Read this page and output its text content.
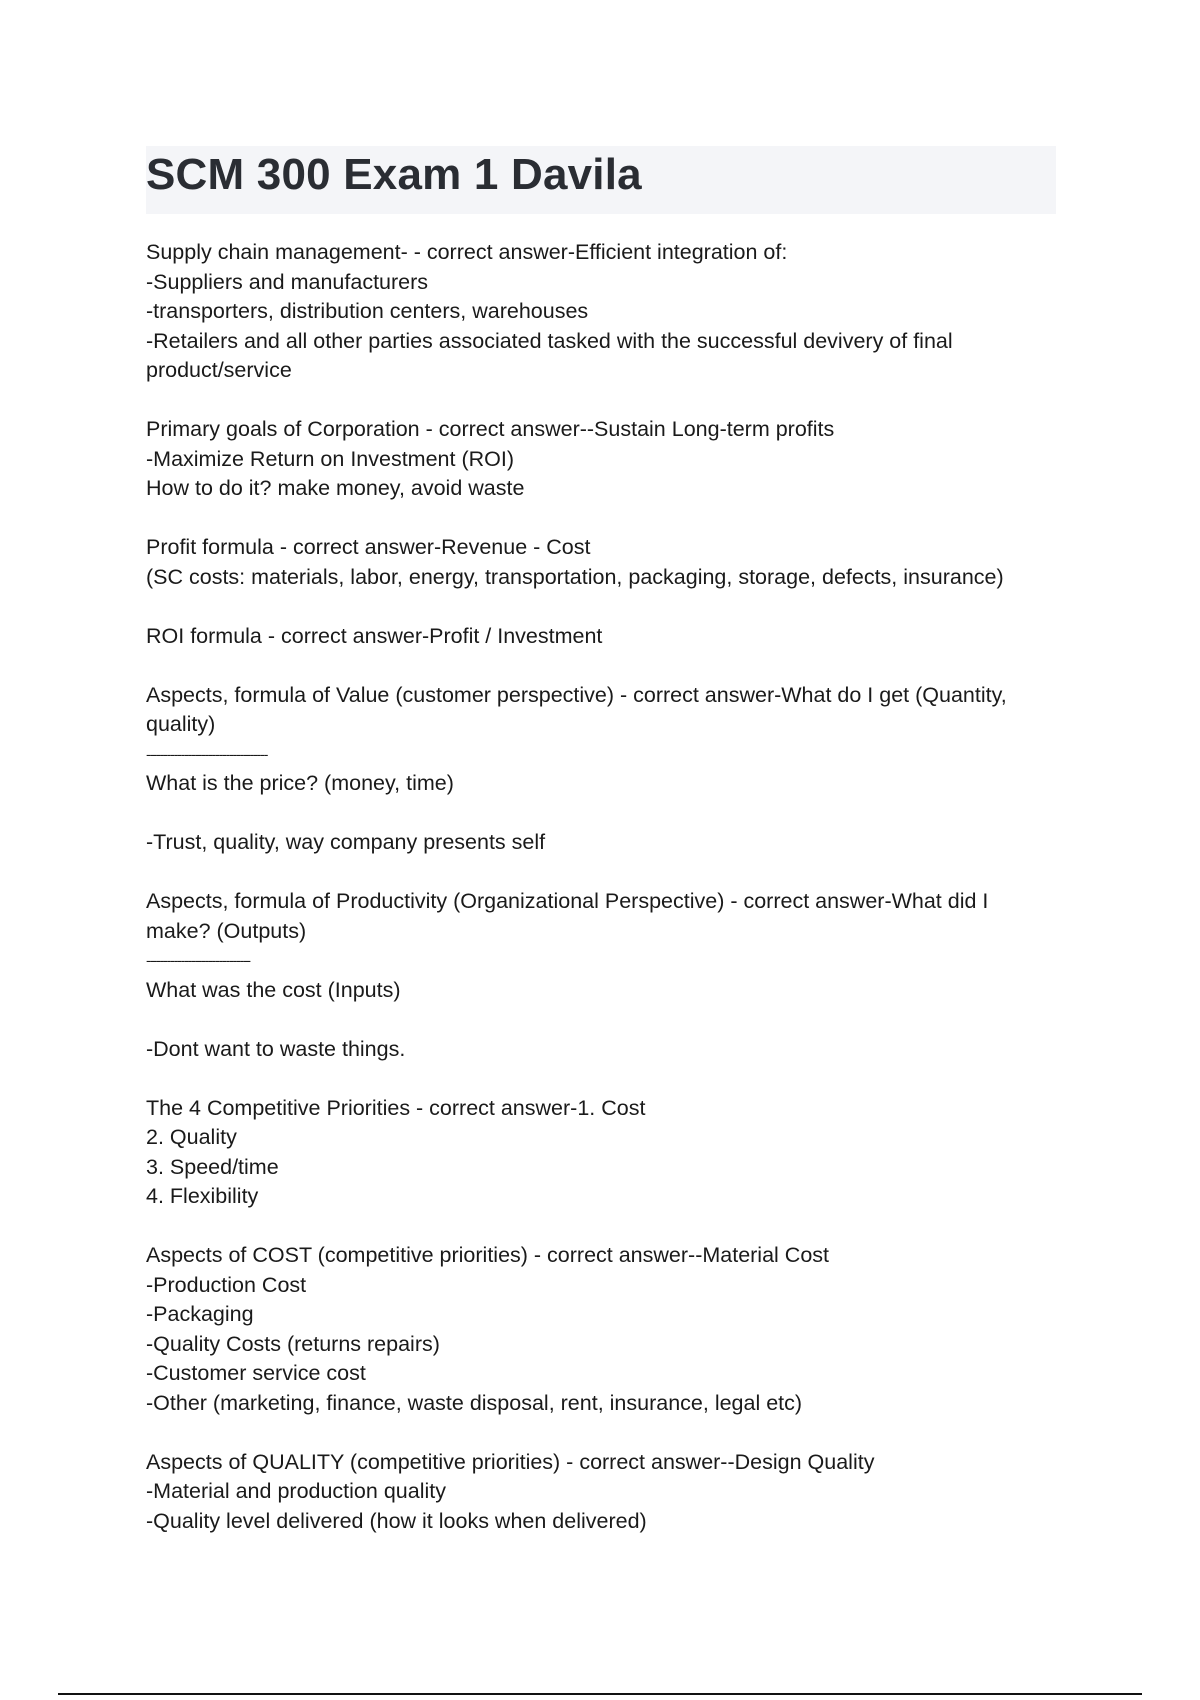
SCM 300 Exam 1 Davila
Supply chain management- - correct answer-Efficient integration of:
-Suppliers and manufacturers
-transporters, distribution centers, warehouses
-Retailers and all other parties associated tasked with the successful devivery of final
product/service
Primary goals of Corporation - correct answer--Sustain Long-term profits
-Maximize Return on Investment (ROI)
How to do it? make money, avoid waste
Profit formula - correct answer-Revenue - Cost
(SC costs: materials, labor, energy, transportation, packaging, storage, defects, insurance)
ROI formula - correct answer-Profit / Investment
Aspects, formula of Value (customer perspective) - correct answer-What do I get (Quantity,
quality)
-----------------------------------
What is the price? (money, time)
-Trust, quality, way company presents self
Aspects, formula of Productivity (Organizational Perspective) - correct answer-What did I
make? (Outputs)
------------------------------
What was the cost (Inputs)
-Dont want to waste things.
The 4 Competitive Priorities - correct answer-1. Cost
2. Quality
3. Speed/time
4. Flexibility
Aspects of COST (competitive priorities) - correct answer--Material Cost
-Production Cost
-Packaging
-Quality Costs (returns repairs)
-Customer service cost
-Other (marketing, finance, waste disposal, rent, insurance, legal etc)
Aspects of QUALITY (competitive priorities) - correct answer--Design Quality
-Material and production quality
-Quality level delivered (how it looks when delivered)
